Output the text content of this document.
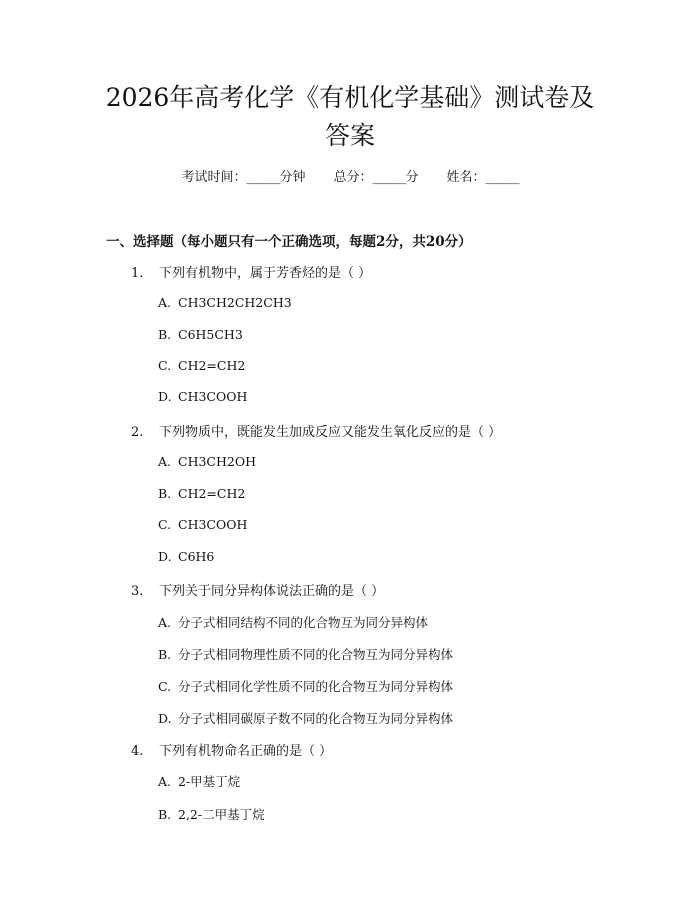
2026年高考化学《有机化学基础》测试卷及
答案
考试时间：______分钟 总分：______分 姓名：______
一、选择题（每小题只有一个正确选项，每题2分，共20分）
1. 下列有机物中，属于芳香烃的是（ ）
A. CH3CH2CH2CH3
B. C6H5CH3
C. CH2=CH2
D. CH3COOH
2. 下列物质中，既能发生加成反应又能发生氧化反应的是（ ）
A. CH3CH2OH
B. CH2=CH2
C. CH3COOH
D. C6H6
3. 下列关于同分异构体说法正确的是（ ）
A. 分子式相同结构不同的化合物互为同分异构体
B. 分子式相同物理性质不同的化合物互为同分异构体
C. 分子式相同化学性质不同的化合物互为同分异构体
D. 分子式相同碳原子数不同的化合物互为同分异构体
4. 下列有机物命名正确的是（ ）
A. 2-甲基丁烷
B. 2,2-二甲基丁烷
